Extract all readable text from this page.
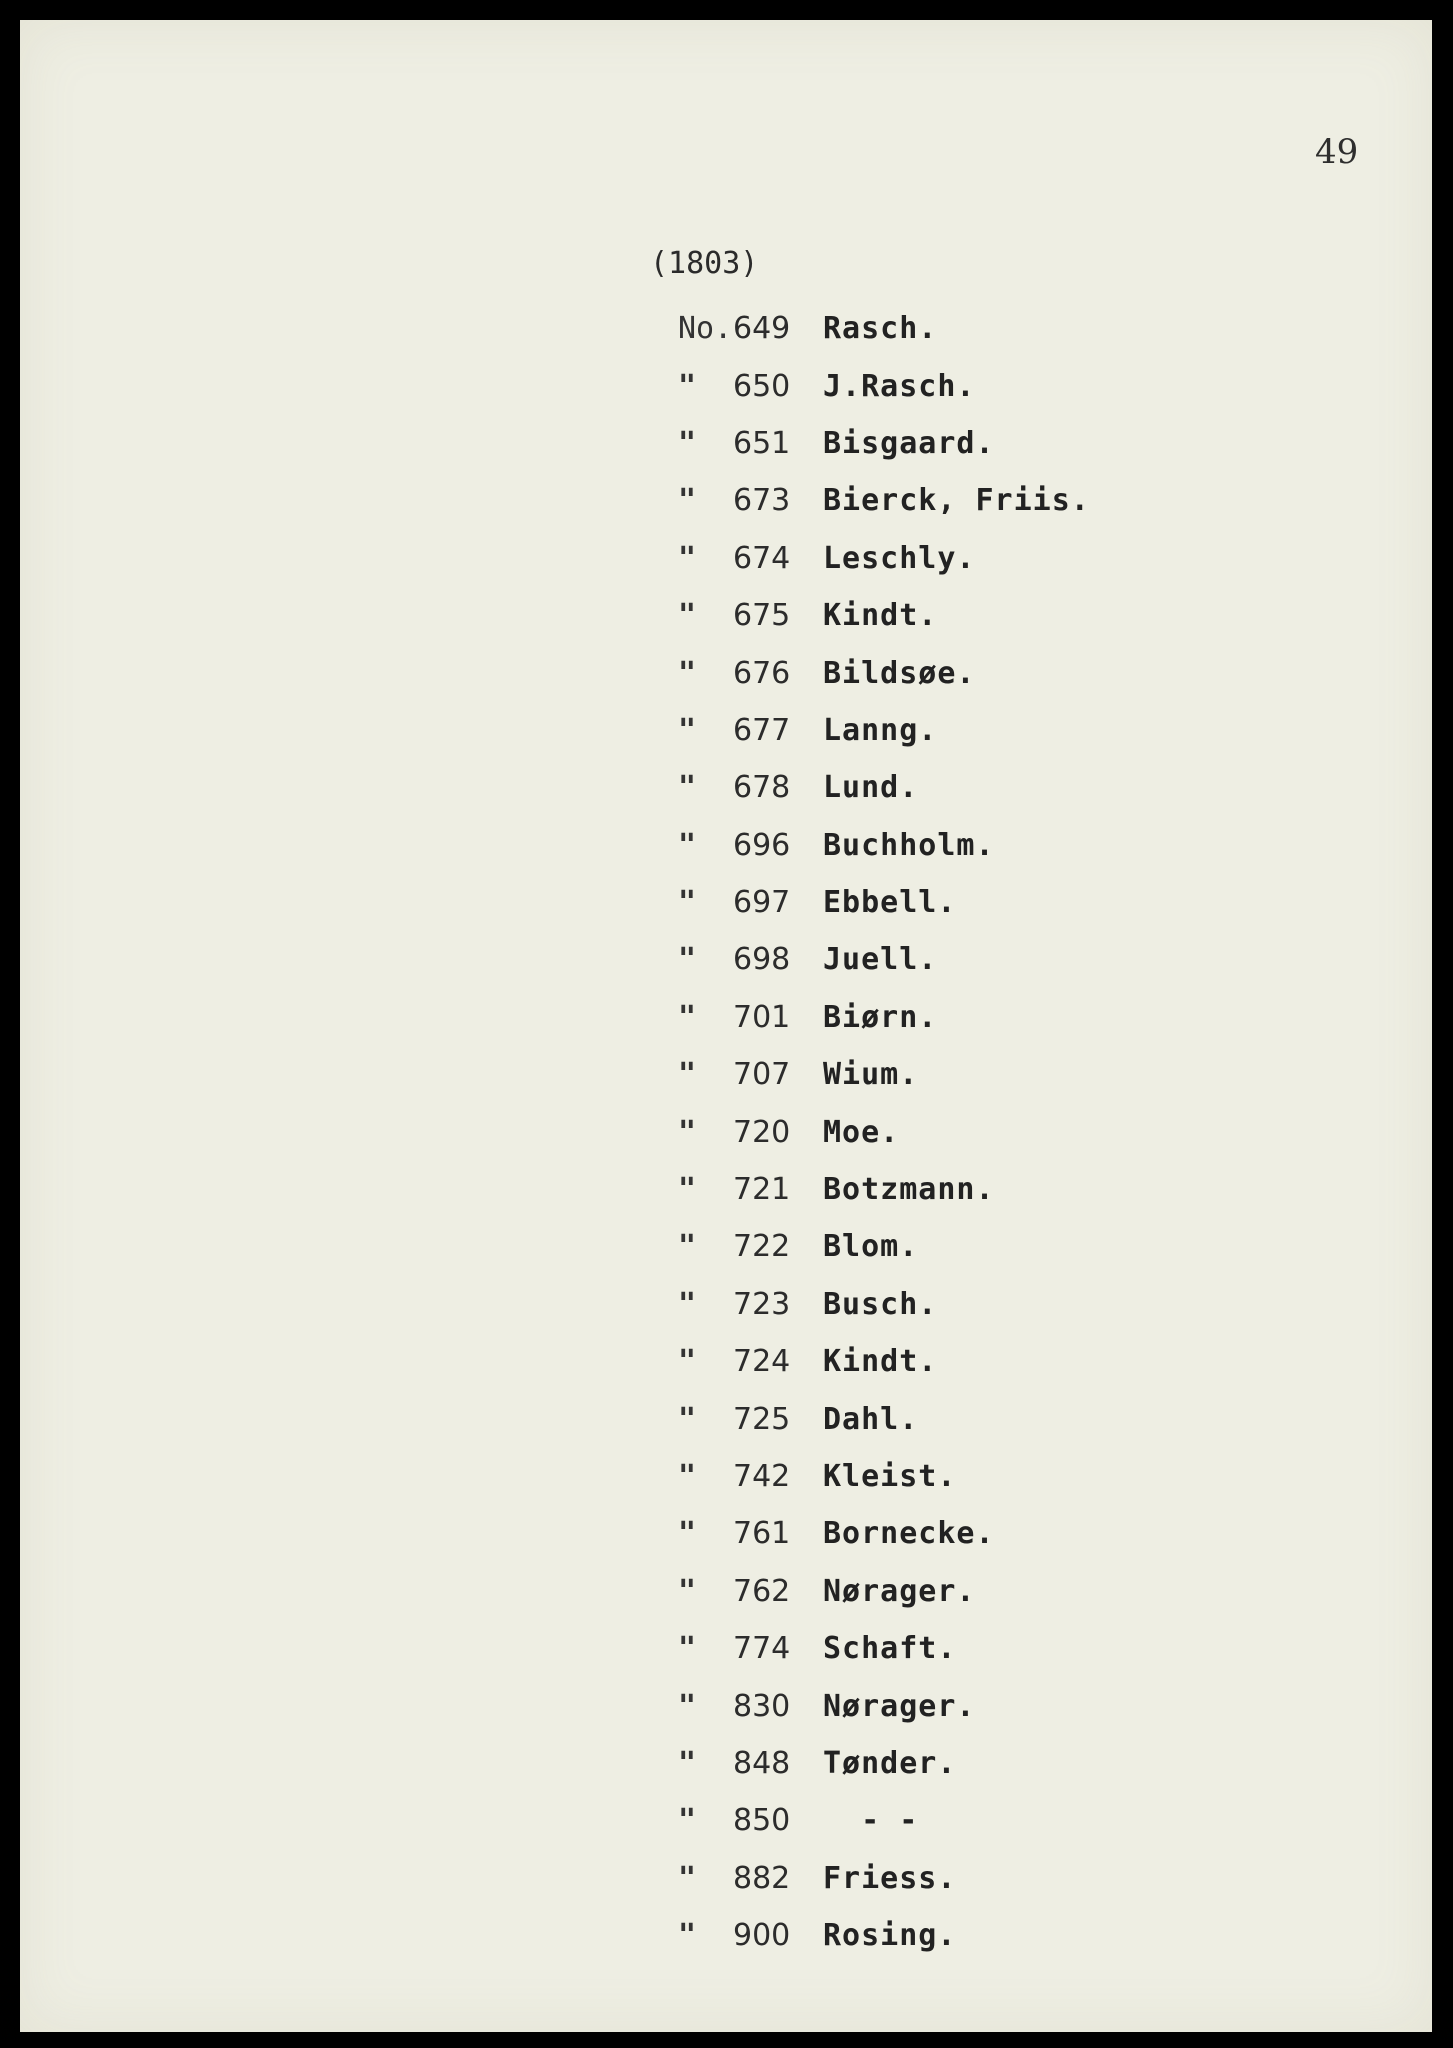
49
(1803)
No. 649	Rasch.
"	650	J.Rasch.
"	651	Bisgaard.
"	673	Bierck, Friis.
"	674	Leschly.
"	675	Kindt.
"	676	Bildsøe.
"	677	Lanng.
"	678	Lund.
"	696	Buchholm.
"	697	Ebbell.
"	698	Juell.
"	701	Biørn.
"	707	Wium.
"	720	Moe.
"	721	Botzmann.
"	722	Blom.
"	723	Busch.
"	724	Kindt.
"	725	Dahl.
"	742	Kleist.
"	761	Bornecke.
"	762	Nørager.
"	774	Schaft.
"	830	Nørager.
"	848	Tønder.
"	850	- -
"	882	Friess.
"	900	Rosing.
